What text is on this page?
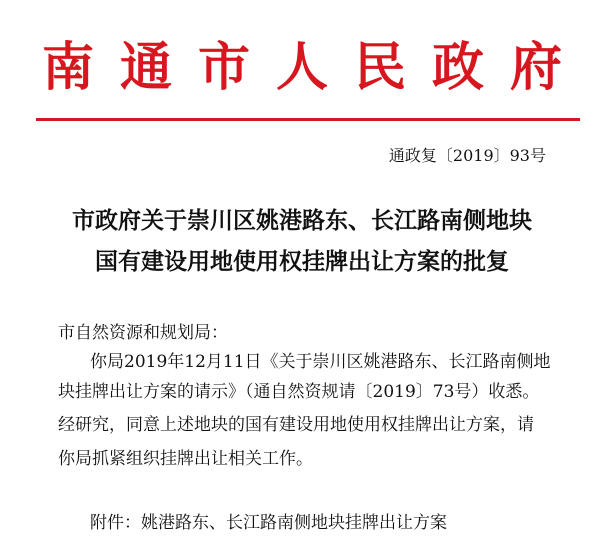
南通市人民政府
通政复〔2019〕93号
市政府关于崇川区姚港路东、长江路南侧地块
国有建设用地使用权挂牌出让方案的批复
市自然资源和规划局：
你局2019年12月11日《关于崇川区姚港路东、长江路南侧地
块挂牌出让方案的请示》（通自然资规请〔2019〕73号）收悉。
经研究，同意上述地块的国有建设用地使用权挂牌出让方案，请
你局抓紧组织挂牌出让相关工作。
附件：姚港路东、长江路南侧地块挂牌出让方案
